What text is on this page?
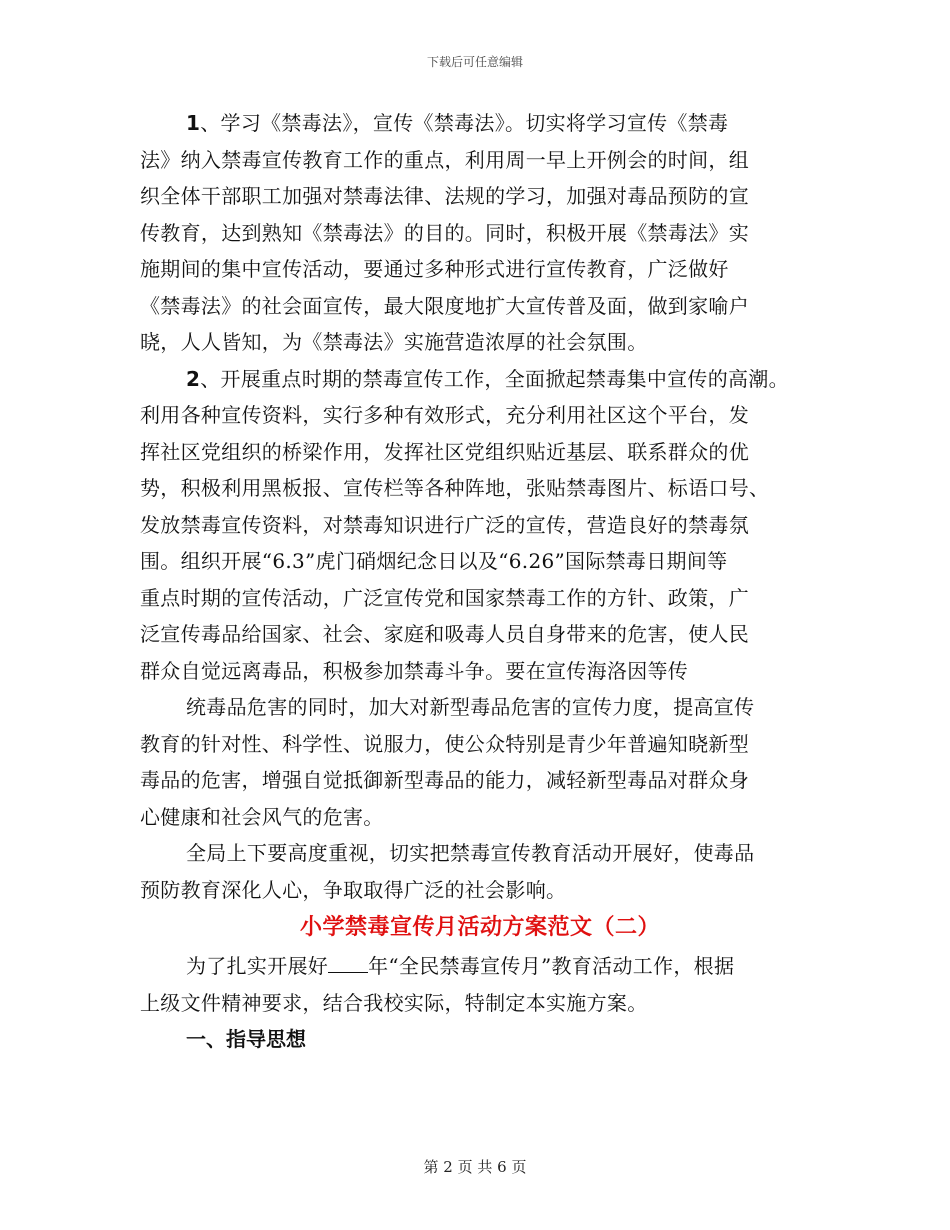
下载后可任意编辑
1、学习《禁毒法》，宣传《禁毒法》。切实将学习宣传《禁毒
法》纳入禁毒宣传教育工作的重点，利用周一早上开例会的时间，组
织全体干部职工加强对禁毒法律、法规的学习，加强对毒品预防的宣
传教育，达到熟知《禁毒法》的目的。同时，积极开展《禁毒法》实
施期间的集中宣传活动，要通过多种形式进行宣传教育，广泛做好
《禁毒法》的社会面宣传，最大限度地扩大宣传普及面，做到家喻户
晓，人人皆知，为《禁毒法》实施营造浓厚的社会氛围。
2、开展重点时期的禁毒宣传工作，全面掀起禁毒集中宣传的高潮。
利用各种宣传资料，实行多种有效形式，充分利用社区这个平台，发
挥社区党组织的桥梁作用，发挥社区党组织贴近基层、联系群众的优
势，积极利用黑板报、宣传栏等各种阵地，张贴禁毒图片、标语口号、
发放禁毒宣传资料，对禁毒知识进行广泛的宣传，营造良好的禁毒氛
围。组织开展“6.3”虎门硝烟纪念日以及“6.26”国际禁毒日期间等
重点时期的宣传活动，广泛宣传党和国家禁毒工作的方针、政策，广
泛宣传毒品给国家、社会、家庭和吸毒人员自身带来的危害，使人民
群众自觉远离毒品，积极参加禁毒斗争。要在宣传海洛因等传
统毒品危害的同时，加大对新型毒品危害的宣传力度，提高宣传
教育的针对性、科学性、说服力，使公众特别是青少年普遍知晓新型
毒品的危害，增强自觉抵御新型毒品的能力，减轻新型毒品对群众身
心健康和社会风气的危害。
全局上下要高度重视，切实把禁毒宣传教育活动开展好，使毒品
预防教育深化人心，争取取得广泛的社会影响。
小学禁毒宣传月活动方案范文（二）
为了扎实开展好 年“全民禁毒宣传月”教育活动工作，根据
上级文件精神要求，结合我校实际，特制定本实施方案。
一、指导思想
第 2 页 共 6 页
